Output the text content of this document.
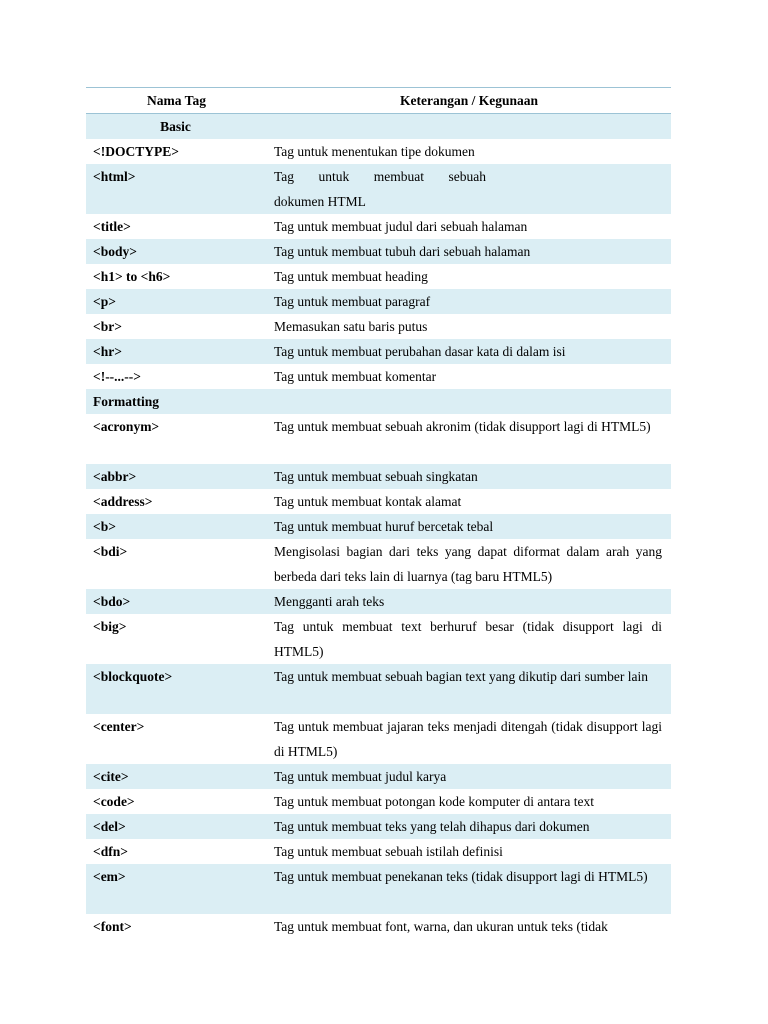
Nama Tag	Keterangan / Kegunaan
Basic	
<!DOCTYPE>	Tag untuk menentukan tipe dokumen
<html>	Tag untuk membuat sebuah
dokumen HTML

<title>	Tag untuk membuat judul dari sebuah halaman
<body>	Tag untuk membuat tubuh dari sebuah halaman
<h1> to <h6>	Tag untuk membuat heading
<p>	Tag untuk membuat paragraf
<br>	Memasukan satu baris putus
<hr>	Tag untuk membuat perubahan dasar kata di dalam isi
<!--...-->	Tag untuk membuat komentar
Formatting	
<acronym>	Tag untuk membuat sebuah akronim (tidak disupport lagi di HTML5)
<abbr>	Tag untuk membuat sebuah singkatan
<address>	Tag untuk membuat kontak alamat
<b>	Tag untuk membuat huruf bercetak tebal
<bdi>	Mengisolasi bagian dari teks yang dapat diformat dalam arah yang berbeda dari teks lain di luarnya (tag baru HTML5)
<bdo>	Mengganti arah teks
<big>	Tag untuk membuat text berhuruf besar (tidak disupport lagi di HTML5)
<blockquote>	Tag untuk membuat sebuah bagian text yang dikutip dari sumber lain
<center>	Tag untuk membuat jajaran teks menjadi ditengah (tidak disupport lagi di HTML5)
<cite>	Tag untuk membuat judul karya
<code>	Tag untuk membuat potongan kode komputer di antara text
<del>	Tag untuk membuat teks yang telah dihapus dari dokumen
<dfn>	Tag untuk membuat sebuah istilah definisi
<em>	Tag untuk membuat penekanan teks (tidak disupport lagi di HTML5)
<font>	Tag untuk membuat font, warna, dan ukuran untuk teks (tidak
